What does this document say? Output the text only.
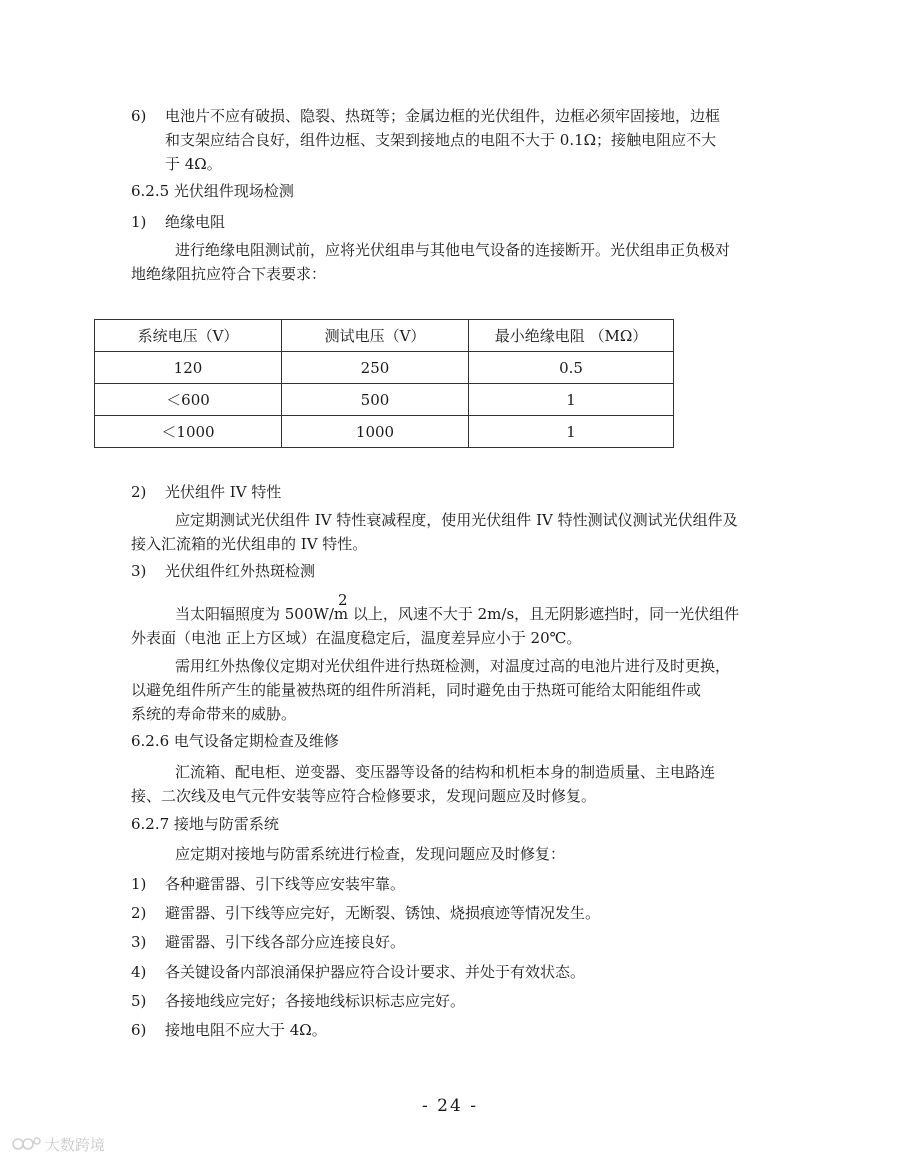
6) 电池片不应有破损、隐裂、热斑等；金属边框的光伏组件，边框必须牢固接地，边框
和支架应结合良好，组件边框、支架到接地点的电阻不大于 0.1Ω；接触电阻应不大
于 4Ω。
6.2.5 光伏组件现场检测
1) 绝缘电阻
进行绝缘电阻测试前，应将光伏组串与其他电气设备的连接断开。光伏组串正负极对
地绝缘阻抗应符合下表要求：
系统电压（V）	测试电压（V）	最小绝缘电阻 （MΩ）
120	250	0.5
＜600	500	1
＜1000	1000	1
2) 光伏组件 IV 特性
应定期测试光伏组件 IV 特性衰减程度，使用光伏组件 IV 特性测试仪测试光伏组件及
接入汇流箱的光伏组串的 IV 特性。
3) 光伏组件红外热斑检测
2
当太阳辐照度为 500W/m 以上，风速不大于 2m/s，且无阴影遮挡时，同一光伏组件
外表面（电池 正上方区域）在温度稳定后，温度差异应小于 20℃。
需用红外热像仪定期对光伏组件进行热斑检测，对温度过高的电池片进行及时更换，
以避免组件所产生的能量被热斑的组件所消耗，同时避免由于热斑可能给太阳能组件或
系统的寿命带来的威胁。
6.2.6 电气设备定期检查及维修
汇流箱、配电柜、逆变器、变压器等设备的结构和机柜本身的制造质量、主电路连
接、二次线及电气元件安装等应符合检修要求，发现问题应及时修复。
6.2.7 接地与防雷系统
应定期对接地与防雷系统进行检查，发现问题应及时修复：
1) 各种避雷器、引下线等应安装牢靠。
2) 避雷器、引下线等应完好，无断裂、锈蚀、烧损痕迹等情况发生。
3) 避雷器、引下线各部分应连接良好。
4) 各关键设备内部浪涌保护器应符合设计要求、并处于有效状态。
5) 各接地线应完好；各接地线标识标志应完好。
6) 接地电阻不应大于 4Ω。
- 24 -
大数跨境
